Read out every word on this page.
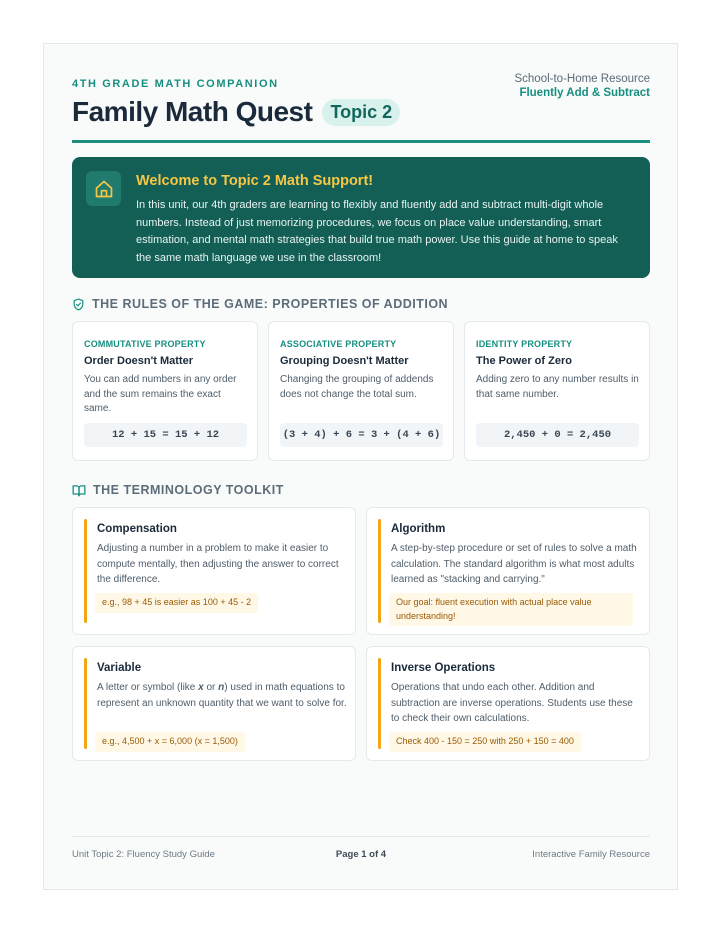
4TH GRADE MATH COMPANION
Family Math Quest	Topic 2
School-to-Home Resource
Fluently Add & Subtract
Welcome to Topic 2 Math Support!
In this unit, our 4th graders are learning to flexibly and fluently add and subtract multi-digit whole numbers. Instead of just memorizing procedures, we focus on place value understanding, smart estimation, and mental math strategies that build true math power. Use this guide at home to speak the same math language we use in the classroom!
THE RULES OF THE GAME: PROPERTIES OF ADDITION
COMMUTATIVE PROPERTY
Order Doesn't Matter
You can add numbers in any order and the sum remains the exact same.
12 + 15 = 15 + 12
ASSOCIATIVE PROPERTY
Grouping Doesn't Matter
Changing the grouping of addends does not change the total sum.
(3 + 4) + 6 = 3 + (4 + 6)
IDENTITY PROPERTY
The Power of Zero
Adding zero to any number results in that same number.
2,450 + 0 = 2,450
THE TERMINOLOGY TOOLKIT
Compensation
Adjusting a number in a problem to make it easier to compute mentally, then adjusting the answer to correct the difference.
e.g., 98 + 45 is easier as 100 + 45 - 2
Algorithm
A step-by-step procedure or set of rules to solve a math calculation. The standard algorithm is what most adults learned as "stacking and carrying."
Our goal: fluent execution with actual place value understanding!
Variable
A letter or symbol (like x or n) used in math equations to represent an unknown quantity that we want to solve for.
e.g., 4,500 + x = 6,000 (x = 1,500)
Inverse Operations
Operations that undo each other. Addition and subtraction are inverse operations. Students use these to check their own calculations.
Check 400 - 150 = 250 with 250 + 150 = 400
Unit Topic 2: Fluency Study Guide	Page 1 of 4	Interactive Family Resource
